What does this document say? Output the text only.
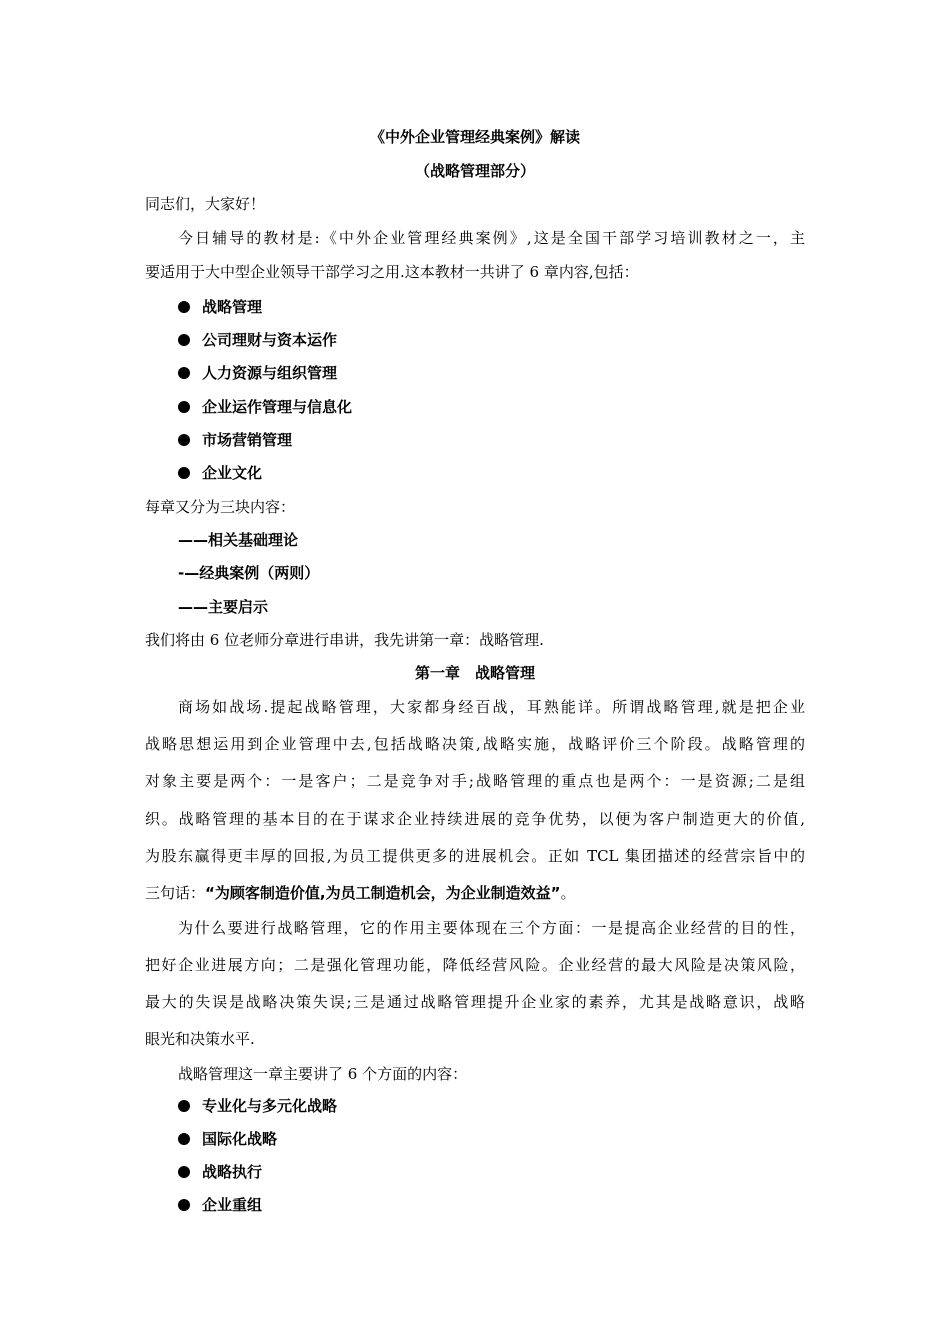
《中外企业管理经典案例》解读
（战略管理部分）
同志们，大家好！
今日辅导的教材是:《中外企业管理经典案例》,这是全国干部学习培训教材之一，主
要适用于大中型企业领导干部学习之用.这本教材一共讲了 6 章内容,包括：
战略管理
公司理财与资本运作
人力资源与组织管理
企业运作管理与信息化
市场营销管理
企业文化
每章又分为三块内容：
——相关基础理论
-—经典案例（两则）
——主要启示
我们将由 6 位老师分章进行串讲，我先讲第一章：战略管理.
第一章　战略管理
商场如战场.提起战略管理，大家都身经百战，耳熟能详。所谓战略管理,就是把企业
战略思想运用到企业管理中去,包括战略决策,战略实施，战略评价三个阶段。战略管理的
对象主要是两个：一是客户；二是竞争对手;战略管理的重点也是两个：一是资源;二是组
织。战略管理的基本目的在于谋求企业持续进展的竞争优势，以便为客户制造更大的价值,
为股东赢得更丰厚的回报,为员工提供更多的进展机会。正如 TCL 集团描述的经营宗旨中的
三句话：“为顾客制造价值,为员工制造机会，为企业制造效益”。
为什么要进行战略管理，它的作用主要体现在三个方面：一是提高企业经营的目的性，
把好企业进展方向；二是强化管理功能，降低经营风险。企业经营的最大风险是决策风险，
最大的失误是战略决策失误;三是通过战略管理提升企业家的素养，尤其是战略意识，战略
眼光和决策水平.
战略管理这一章主要讲了 6 个方面的内容：
专业化与多元化战略
国际化战略
战略执行
企业重组
